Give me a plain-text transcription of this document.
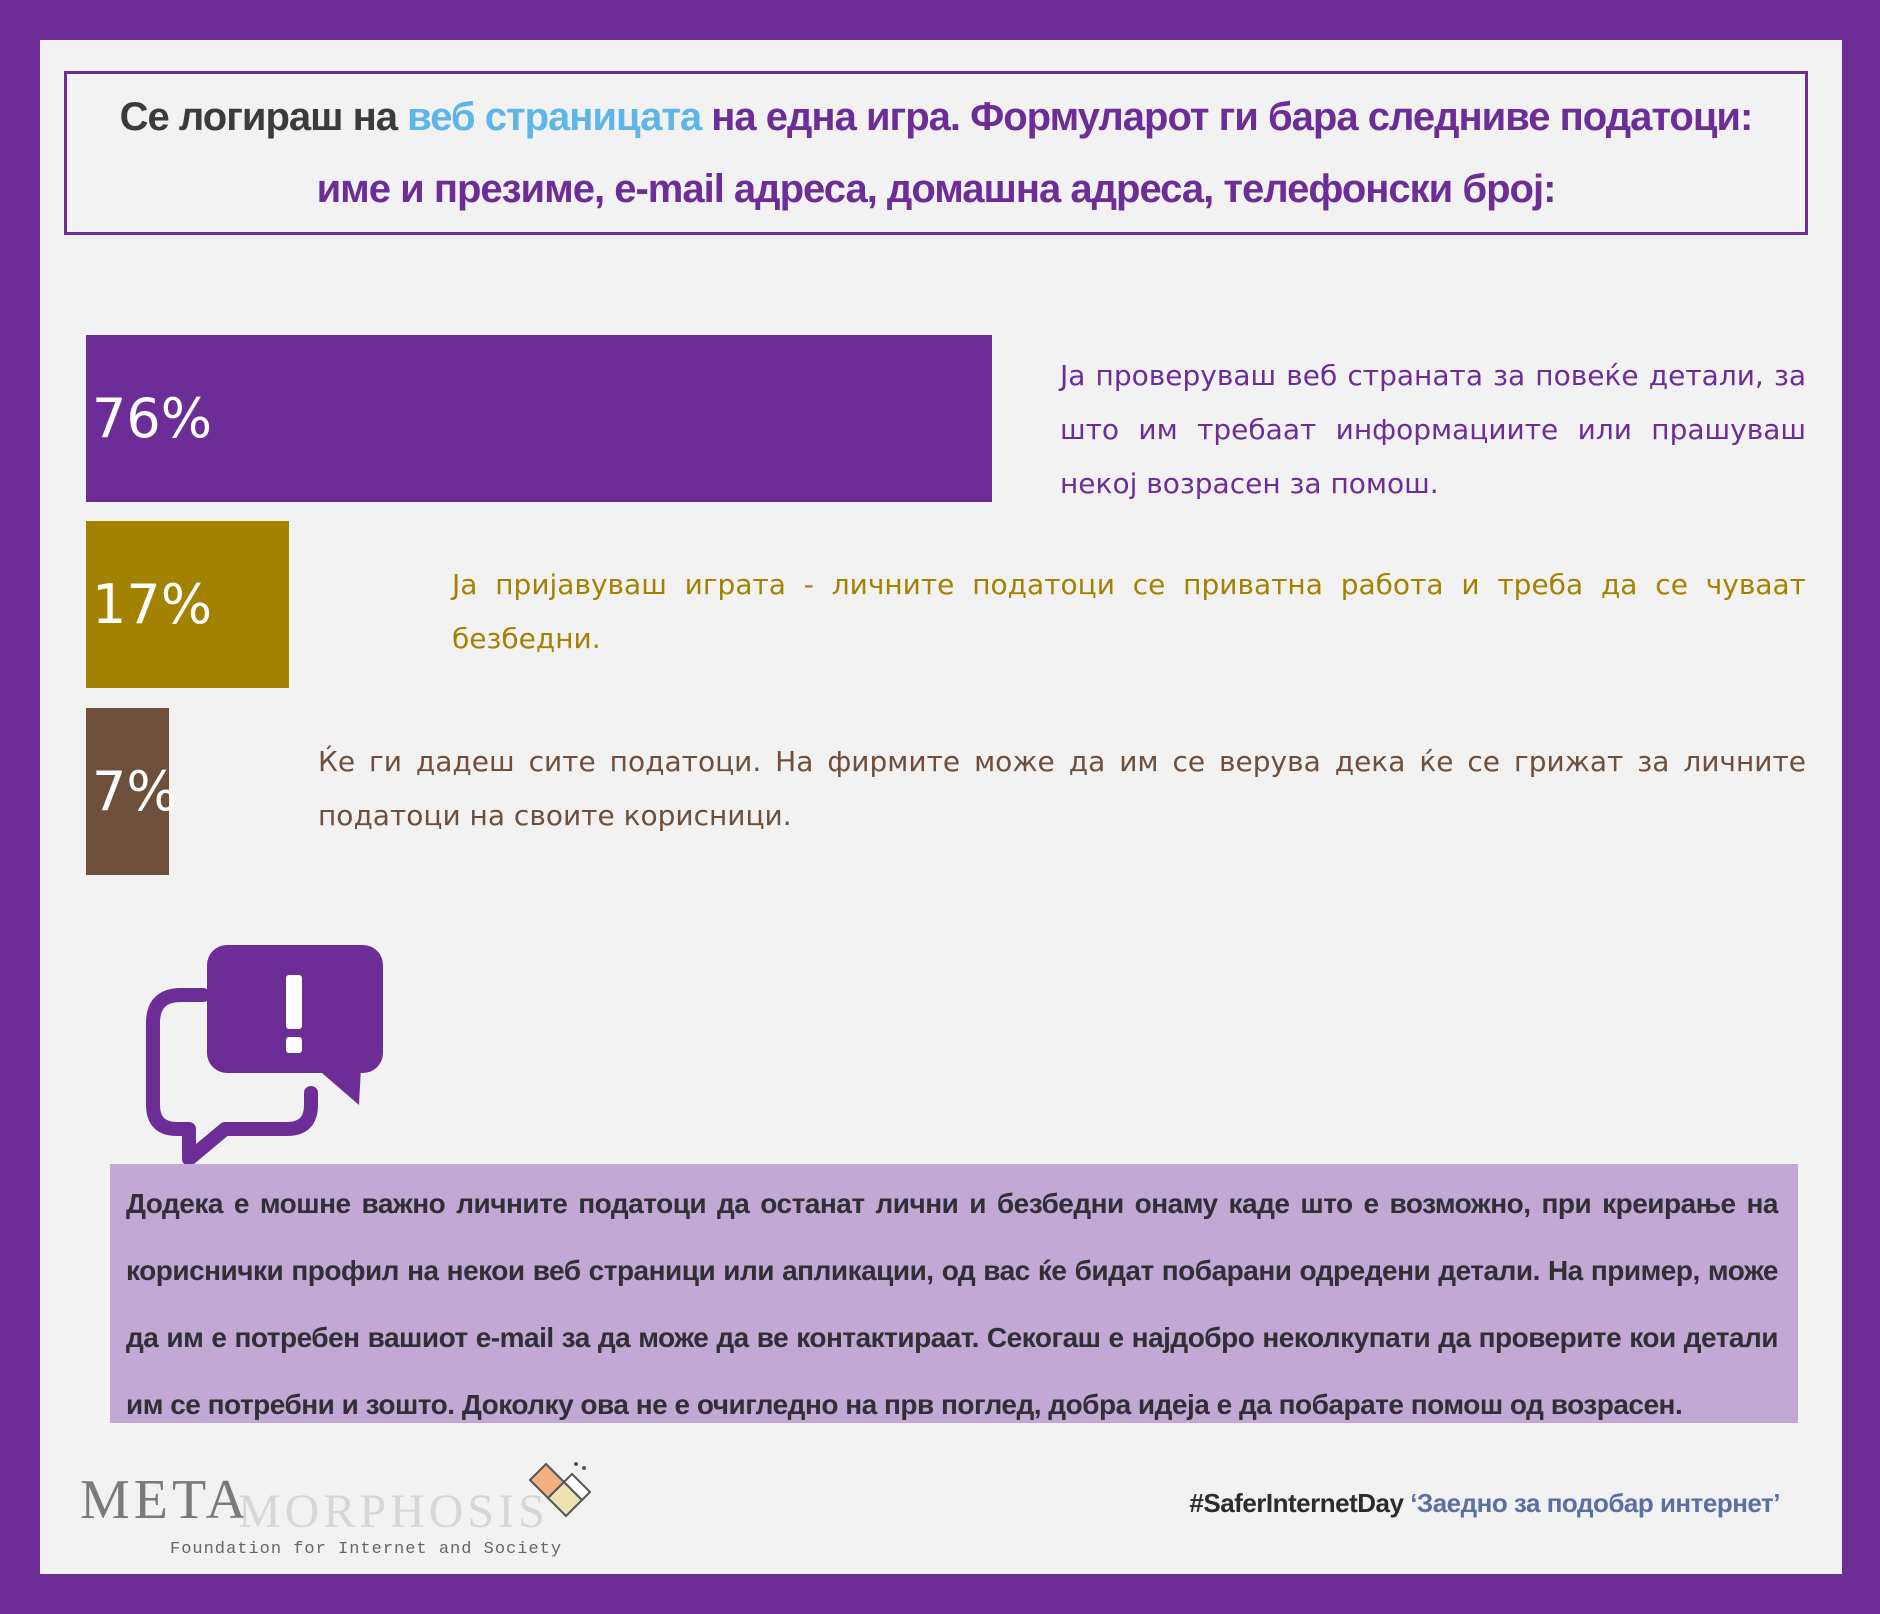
Се логираш на веб страницата на една игра. Формуларот ги бара следниве податоци:
име и презиме, e-mail адреса, домашна адреса, телефонски број:
76%
Ја проверуваш веб страната за повеќе детали, за што им требаат информациите или прашуваш некој возрасен за помош.
17%	Ја пријавуваш играта - личните податоци се приватна работа и треба да се чуваат безбедни.
7%	Ќе ги дадеш сите податоци. На фирмите може да им се верува дека ќе се грижат за личните податоци на своите корисници.
Додека е мошне важно личните податоци да останат лични и безбедни онаму каде што е возможно, при креирање на кориснички профил на некои веб страници или апликации, од вас ќе бидат побарани одредени детали. На пример, може да им е потребен вашиот e-mail за да може да ве контактираат. Секогаш е најдобро неколкупати да проверите кои детали им се потребни и зошто. Доколку ова не е очигледно на прв поглед, добра идеја е да побарате помош од возрасен.
META
MORPHOSIS
Foundation for Internet and Society
#SaferInternetDay ‘Заедно за подобар интернет’
